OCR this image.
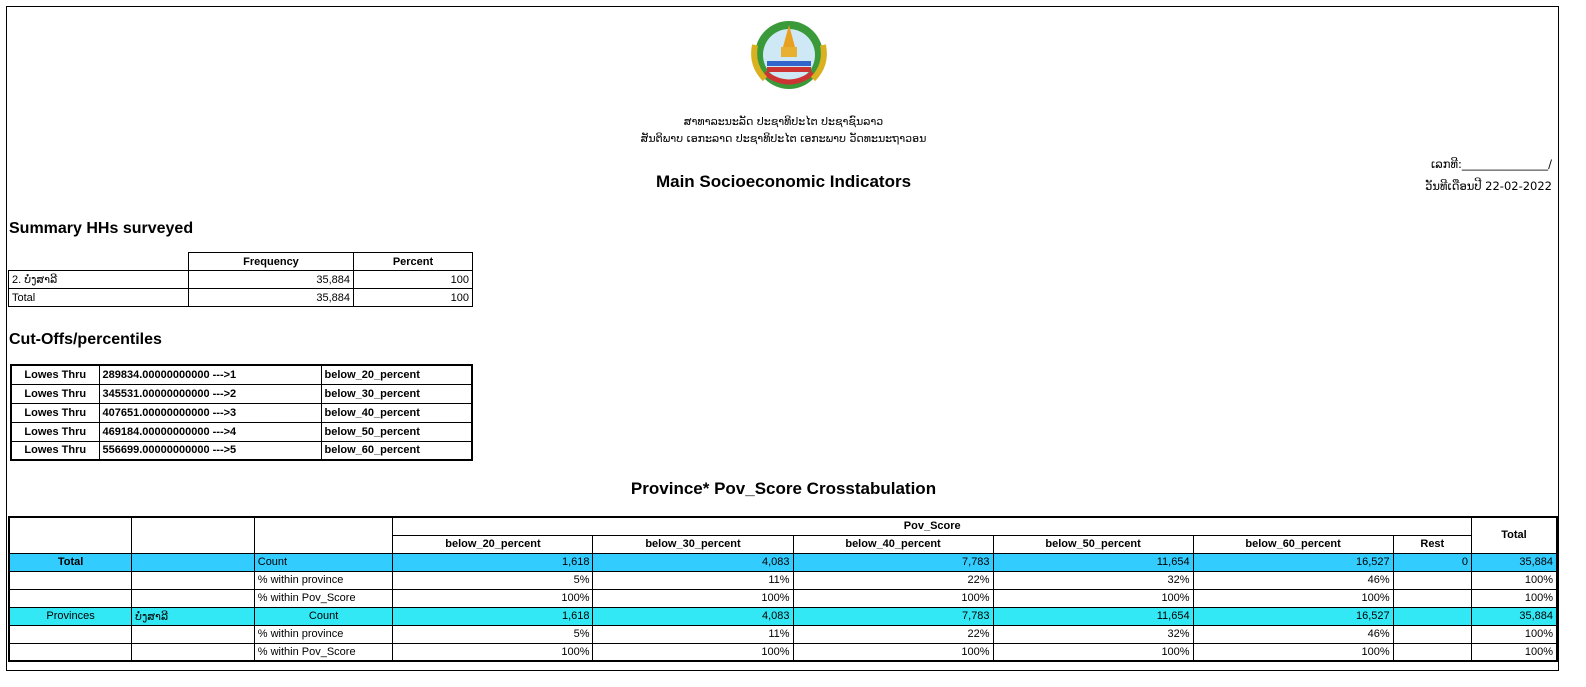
ສາທາລະນະລັດ ປະຊາທິປະໄຕ ປະຊາຊົນລາວ
ສັນຕິພາບ ເອກະລາດ ປະຊາທິປະໄຕ ເອກະພາບ ວັດທະນະຖາວອນ
Main Socioeconomic Indicators
ເລກທີ:_______________/
ວັນທີເດືອນປີ 22-02-2022
Summary HHs surveyed
	Frequency	Percent
2. ບໍ່ງສາລີ	35,884	100
Total	35,884	100
Cut-Offs/percentiles
Lowes Thru	289834.00000000000 --->1	below_20_percent
Lowes Thru	345531.00000000000 --->2	below_30_percent
Lowes Thru	407651.00000000000 --->3	below_40_percent
Lowes Thru	469184.00000000000 --->4	below_50_percent
Lowes Thru	556699.00000000000 --->5	below_60_percent
Province* Pov_Score Crosstabulation
			Pov_Score						Total
			below_20_percent	below_30_percent	below_40_percent	below_50_percent	below_60_percent	Rest	
Total		Count	1,618	4,083	7,783	11,654	16,527	0	35,884
		% within province	5%	11%	22%	32%	46%		100%
		% within Pov_Score	100%	100%	100%	100%	100%		100%
Provinces	ບໍ່ງສາລີ	Count	1,618	4,083	7,783	11,654	16,527		35,884
		% within province	5%	11%	22%	32%	46%		100%
		% within Pov_Score	100%	100%	100%	100%	100%		100%
